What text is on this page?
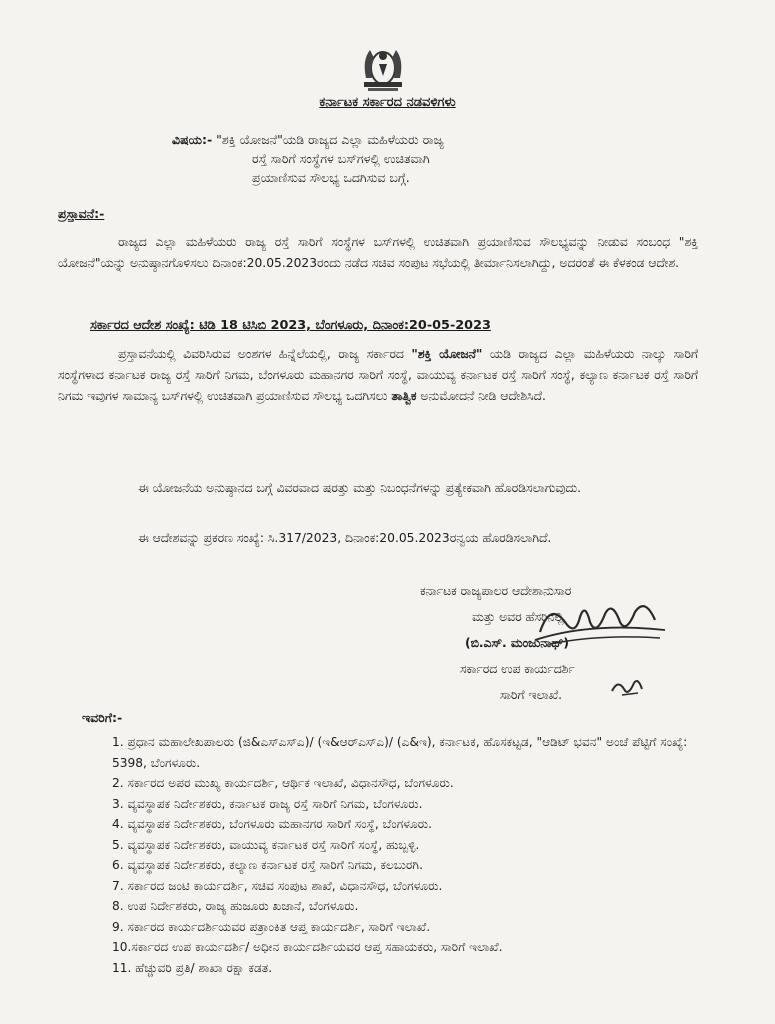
ಕರ್ನಾಟಕ ಸರ್ಕಾರದ ನಡವಳಿಗಳು
ವಿಷಯ:- "ಶಕ್ತಿ ಯೋಜನೆ"ಯಡಿ ರಾಜ್ಯದ ಎಲ್ಲಾ ಮಹಿಳೆಯರು ರಾಜ್ಯ
ರಸ್ತೆ ಸಾರಿಗೆ ಸಂಸ್ಥೆಗಳ ಬಸ್‌ಗಳಲ್ಲಿ ಉಚಿತವಾಗಿ
ಪ್ರಯಾಣಿಸುವ ಸೌಲಭ್ಯ ಒದಗಿಸುವ ಬಗ್ಗೆ.
ಪ್ರಸ್ತಾವನೆ:-
ರಾಜ್ಯದ ಎಲ್ಲಾ ಮಹಿಳೆಯರು ರಾಜ್ಯ ರಸ್ತೆ ಸಾರಿಗೆ ಸಂಸ್ಥೆಗಳ ಬಸ್‌ಗಳಲ್ಲಿ ಉಚಿತವಾಗಿ ಪ್ರಯಾಣಿಸುವ ಸೌಲಭ್ಯವನ್ನು ನೀಡುವ ಸಂಬಂಧ "ಶಕ್ತಿ ಯೋಜನೆ"ಯನ್ನು ಅನುಷ್ಠಾನಗೊಳಿಸಲು ದಿನಾಂಕ:20.05.2023ರಂದು ನಡೆದ ಸಚಿವ ಸಂಪುಟ ಸಭೆಯಲ್ಲಿ ತೀರ್ಮಾನಿಸಲಾಗಿದ್ದು, ಅದರಂತೆ ಈ ಕೆಳಕಂಡ ಆದೇಶ.
ಸರ್ಕಾರದ ಆದೇಶ ಸಂಖ್ಯೆ: ಟಿಡಿ 18 ಟಿಸಿಬಿ 2023, ಬೆಂಗಳೂರು, ದಿನಾಂಕ:20-05-2023
ಪ್ರಸ್ತಾವನೆಯಲ್ಲಿ ವಿವರಿಸಿರುವ ಅಂಶಗಳ ಹಿನ್ನೆಲೆಯಲ್ಲಿ, ರಾಜ್ಯ ಸರ್ಕಾರದ "ಶಕ್ತಿ ಯೋಜನೆ" ಯಡಿ ರಾಜ್ಯದ ಎಲ್ಲಾ ಮಹಿಳೆಯರು ನಾಲ್ಕು ಸಾರಿಗೆ ಸಂಸ್ಥೆಗಳಾದ ಕರ್ನಾಟಕ ರಾಜ್ಯ ರಸ್ತೆ ಸಾರಿಗೆ ನಿಗಮ, ಬೆಂಗಳೂರು ಮಹಾನಗರ ಸಾರಿಗೆ ಸಂಸ್ಥೆ, ವಾಯುವ್ಯ ಕರ್ನಾಟಕ ರಸ್ತೆ ಸಾರಿಗೆ ಸಂಸ್ಥೆ, ಕಲ್ಯಾಣ ಕರ್ನಾಟಕ ರಸ್ತೆ ಸಾರಿಗೆ ನಿಗಮ ಇವುಗಳ ಸಾಮಾನ್ಯ ಬಸ್‌ಗಳಲ್ಲಿ ಉಚಿತವಾಗಿ ಪ್ರಯಾಣಿಸುವ ಸೌಲಭ್ಯ ಒದಗಿಸಲು ತಾತ್ವಿಕ ಅನುಮೋದನೆ ನೀಡಿ ಆದೇಶಿಸಿದೆ.
ಈ ಯೋಜನೆಯ ಅನುಷ್ಠಾನದ ಬಗ್ಗೆ ವಿವರವಾದ ಷರತ್ತು ಮತ್ತು ನಿಬಂಧನೆಗಳನ್ನು ಪ್ರತ್ಯೇಕವಾಗಿ ಹೊರಡಿಸಲಾಗುವುದು.
ಈ ಆದೇಶವನ್ನು ಪ್ರಕರಣ ಸಂಖ್ಯೆ: ಸಿ.317/2023, ದಿನಾಂಕ:20.05.2023ರನ್ವಯ ಹೊರಡಿಸಲಾಗಿದೆ.
ಕರ್ನಾಟಕ ರಾಜ್ಯಪಾಲರ ಆದೇಶಾನುಸಾರ
ಮತ್ತು ಅವರ ಹೆಸರಿನಲ್ಲಿ
(ಬಿ.ಎಸ್. ಮಂಜುನಾಥ್)
ಸರ್ಕಾರದ ಉಪ ಕಾರ್ಯದರ್ಶಿ
ಸಾರಿಗೆ ಇಲಾಖೆ.
ಇವರಿಗೆ:-
1. ಪ್ರಧಾನ ಮಹಾಲೇಖಪಾಲರು (ಜಿ&ಎಸ್ಎಸ್ಎ)/ (ಇ&ಆರ್‌ಎಸ್ಎ)/ (ಎ&ಇ), ಕರ್ನಾಟಕ, ಹೊಸಕಟ್ಟಡ, "ಆಡಿಟ್ ಭವನ" ಅಂಚೆ ಪೆಟ್ಟಿಗೆ ಸಂಖ್ಯೆ: 5398, ಬೆಂಗಳೂರು.
2. ಸರ್ಕಾರದ ಅಪರ ಮುಖ್ಯ ಕಾರ್ಯದರ್ಶಿ, ಆರ್ಥಿಕ ಇಲಾಖೆ, ವಿಧಾನಸೌಧ, ಬೆಂಗಳೂರು.
3. ವ್ಯವಸ್ಥಾಪಕ ನಿರ್ದೇಶಕರು, ಕರ್ನಾಟಕ ರಾಜ್ಯ ರಸ್ತೆ ಸಾರಿಗೆ ನಿಗಮ, ಬೆಂಗಳೂರು.
4. ವ್ಯವಸ್ಥಾಪಕ ನಿರ್ದೇಶಕರು, ಬೆಂಗಳೂರು ಮಹಾನಗರ ಸಾರಿಗೆ ಸಂಸ್ಥೆ, ಬೆಂಗಳೂರು.
5. ವ್ಯವಸ್ಥಾಪಕ ನಿರ್ದೇಶಕರು, ವಾಯುವ್ಯ ಕರ್ನಾಟಕ ರಸ್ತೆ ಸಾರಿಗೆ ಸಂಸ್ಥೆ, ಹುಬ್ಬಳ್ಳಿ.
6. ವ್ಯವಸ್ಥಾಪಕ ನಿರ್ದೇಶಕರು, ಕಲ್ಯಾಣ ಕರ್ನಾಟಕ ರಸ್ತೆ ಸಾರಿಗೆ ನಿಗಮ, ಕಲಬುರಗಿ.
7. ಸರ್ಕಾರದ ಜಂಟಿ ಕಾರ್ಯದರ್ಶಿ, ಸಚಿವ ಸಂಪುಟ ಶಾಖೆ, ವಿಧಾನಸೌಧ, ಬೆಂಗಳೂರು.
8. ಉಪ ನಿರ್ದೇಶಕರು, ರಾಜ್ಯ ಹುಜೂರು ಖಜಾನೆ, ಬೆಂಗಳೂರು.
9. ಸರ್ಕಾರದ ಕಾರ್ಯದರ್ಶಿಯವರ ಪತ್ರಾಂಕಿತ ಆಪ್ತ ಕಾರ್ಯದರ್ಶಿ, ಸಾರಿಗೆ ಇಲಾಖೆ.
10.ಸರ್ಕಾರದ ಉಪ ಕಾರ್ಯದರ್ಶಿ/ ಅಧೀನ ಕಾರ್ಯದರ್ಶಿಯವರ ಆಪ್ತ ಸಹಾಯಕರು, ಸಾರಿಗೆ ಇಲಾಖೆ.
11. ಹೆಚ್ಚುವರಿ ಪ್ರತಿ/ ಶಾಖಾ ರಕ್ಷಾ ಕಡತ.
